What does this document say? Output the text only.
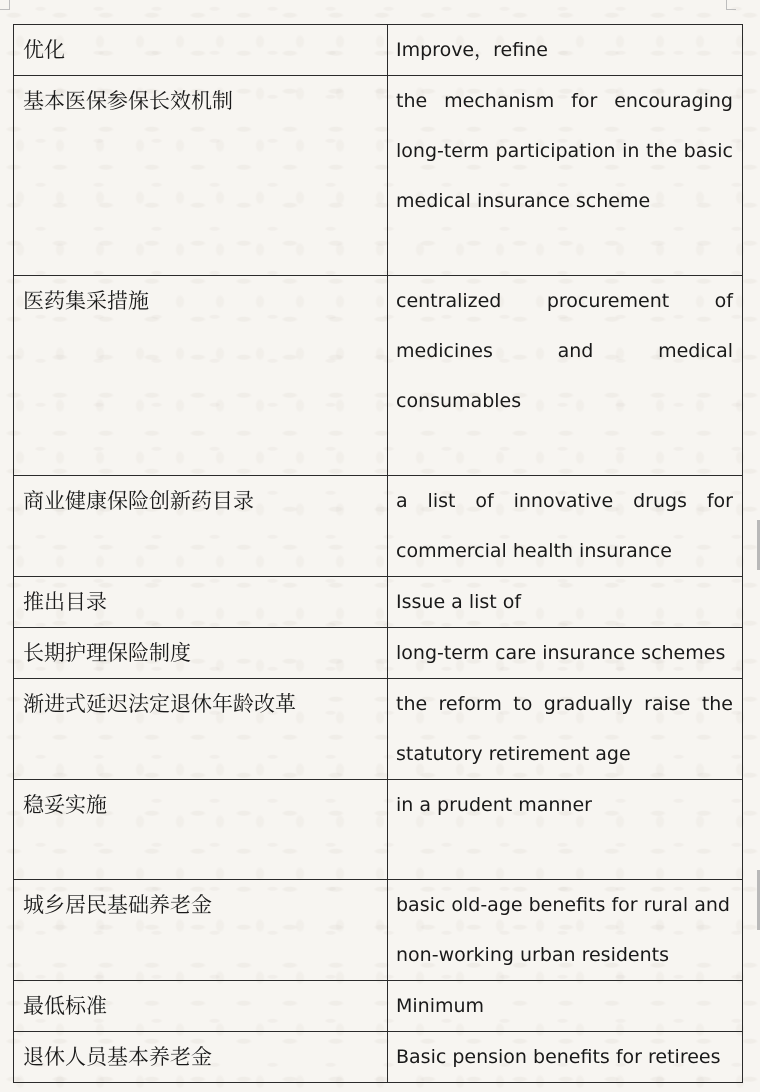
优化	Improve，refine

基本医保参保长效机制	the mechanism for encouraging long-term participation in the basic medical insurance scheme

医药集采措施	centralized procurement of medicines and medical consumables

商业健康保险创新药目录	a list of innovative drugs for commercial health insurance

推出目录	Issue a list of

长期护理保险制度	long-term care insurance schemes

渐进式延迟法定退休年龄改革	the reform to gradually raise the statutory retirement age

稳妥实施	in a prudent manner

城乡居民基础养老金	basic old-age benefits for rural and non-working urban residents

最低标准	Minimum

退休人员基本养老金	Basic pension benefits for retirees
